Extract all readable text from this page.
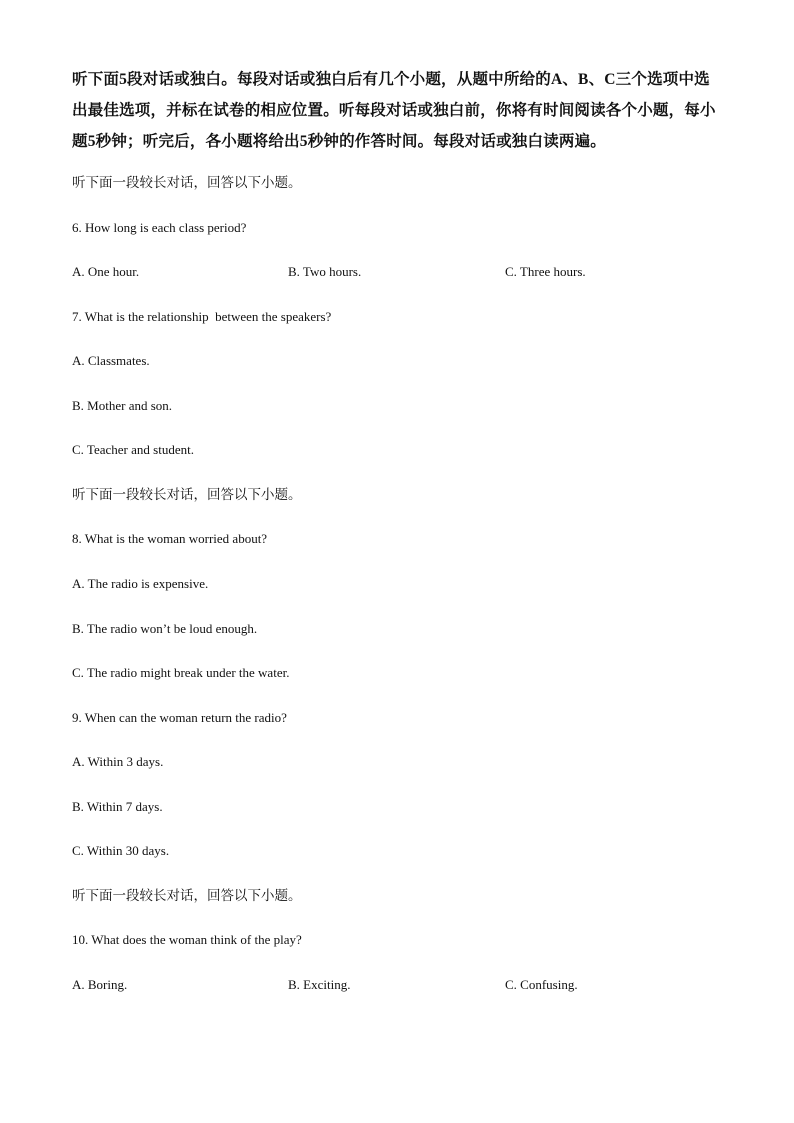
听下面5段对话或独白。每段对话或独白后有几个小题，从题中所给的A、B、C三个选项中选出最佳选项，并标在试卷的相应位置。听每段对话或独白前，你将有时间阅读各个小题，每小题5秒钟；听完后，各小题将给出5秒钟的作答时间。每段对话或独白读两遍。
听下面一段较长对话，回答以下小题。
6. How long is each class period?
A. One hour.	B. Two hours.	C. Three hours.
7. What is the relationship  between the speakers?
A. Classmates.
B. Mother and son.
C. Teacher and student.
听下面一段较长对话，回答以下小题。
8. What is the woman worried about?
A. The radio is expensive.
B. The radio won’t be loud enough.
C. The radio might break under the water.
9. When can the woman return the radio?
A. Within 3 days.
B. Within 7 days.
C. Within 30 days.
听下面一段较长对话，回答以下小题。
10. What does the woman think of the play?
A. Boring.	B. Exciting.	C. Confusing.
